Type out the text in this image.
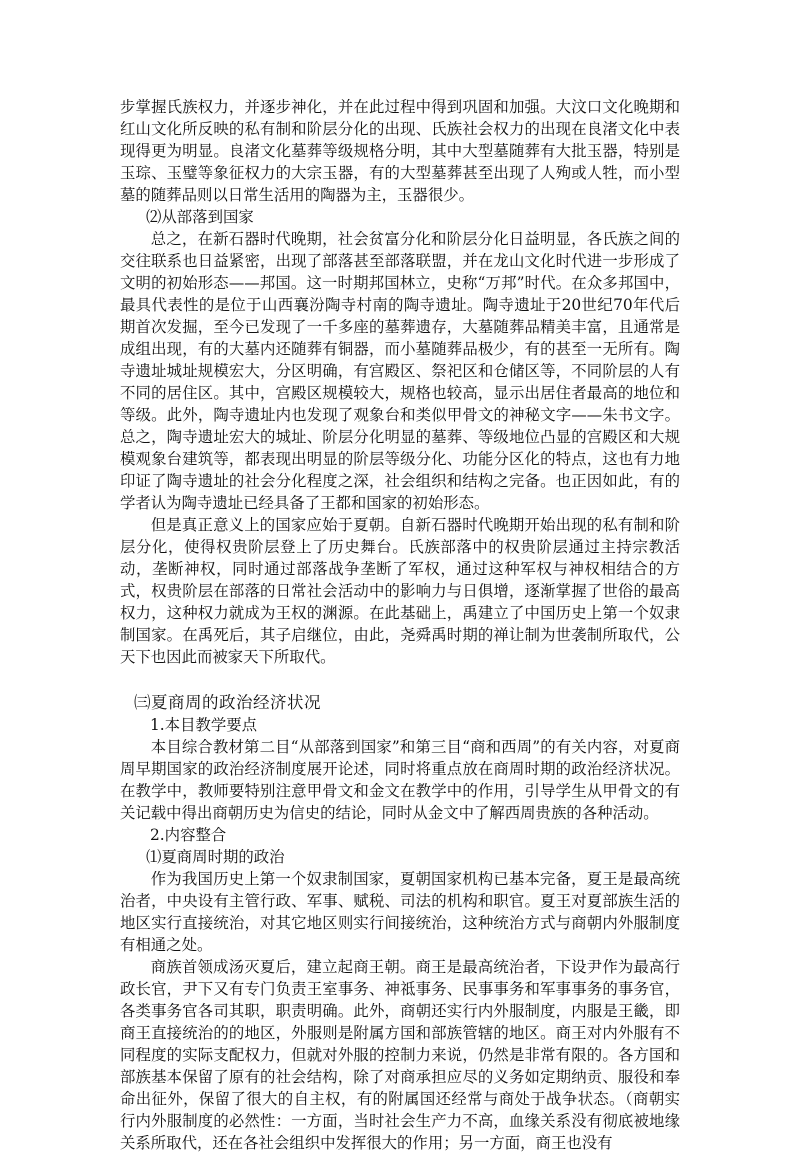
步掌握氏族权力，并逐步神化，并在此过程中得到巩固和加强。大汶口文化晚期和红山文化所反映的私有制和阶层分化的出现、氏族社会权力的出现在良渚文化中表现得更为明显。良渚文化墓葬等级规格分明，其中大型墓随葬有大批玉器，特别是玉琮、玉璧等象征权力的大宗玉器，有的大型墓葬甚至出现了人殉或人牲，而小型墓的随葬品则以日常生活用的陶器为主，玉器很少。

⑵从部落到国家

总之，在新石器时代晚期，社会贫富分化和阶层分化日益明显，各氏族之间的交往联系也日益紧密，出现了部落甚至部落联盟，并在龙山文化时代进一步形成了文明的初始形态——邦国。这一时期邦国林立，史称“万邦”时代。在众多邦国中，最具代表性的是位于山西襄汾陶寺村南的陶寺遗址。陶寺遗址于20世纪70年代后期首次发掘，至今已发现了一千多座的墓葬遗存，大墓随葬品精美丰富，且通常是成组出现，有的大墓内还随葬有铜器，而小墓随葬品极少，有的甚至一无所有。陶寺遗址城址规模宏大，分区明确，有宫殿区、祭祀区和仓储区等，不同阶层的人有不同的居住区。其中，宫殿区规模较大，规格也较高，显示出居住者最高的地位和等级。此外，陶寺遗址内也发现了观象台和类似甲骨文的神秘文字——朱书文字。总之，陶寺遗址宏大的城址、阶层分化明显的墓葬、等级地位凸显的宫殿区和大规模观象台建筑等，都表现出明显的阶层等级分化、功能分区化的特点，这也有力地印证了陶寺遗址的社会分化程度之深，社会组织和结构之完备。也正因如此，有的学者认为陶寺遗址已经具备了王都和国家的初始形态。

但是真正意义上的国家应始于夏朝。自新石器时代晚期开始出现的私有制和阶层分化，使得权贵阶层登上了历史舞台。氏族部落中的权贵阶层通过主持宗教活动，垄断神权，同时通过部落战争垄断了军权，通过这种军权与神权相结合的方式，权贵阶层在部落的日常社会活动中的影响力与日俱增，逐渐掌握了世俗的最高权力，这种权力就成为王权的渊源。在此基础上，禹建立了中国历史上第一个奴隶制国家。在禹死后，其子启继位，由此，尧舜禹时期的禅让制为世袭制所取代，公天下也因此而被家天下所取代。

㈢夏商周的政治经济状况

1.本目教学要点

本目综合教材第二目“从部落到国家”和第三目“商和西周”的有关内容，对夏商周早期国家的政治经济制度展开论述，同时将重点放在商周时期的政治经济状况。在教学中，教师要特别注意甲骨文和金文在教学中的作用，引导学生从甲骨文的有关记载中得出商朝历史为信史的结论，同时从金文中了解西周贵族的各种活动。

2.内容整合

⑴夏商周时期的政治

作为我国历史上第一个奴隶制国家，夏朝国家机构已基本完备，夏王是最高统治者，中央设有主管行政、军事、赋税、司法的机构和职官。夏王对夏部族生活的地区实行直接统治，对其它地区则实行间接统治，这种统治方式与商朝内外服制度有相通之处。

商族首领成汤灭夏后，建立起商王朝。商王是最高统治者，下设尹作为最高行政长官，尹下又有专门负责王室事务、神祗事务、民事事务和军事事务的事务官，各类事务官各司其职，职责明确。此外，商朝还实行内外服制度，内服是王畿，即商王直接统治的的地区，外服则是附属方国和部族管辖的地区。商王对内外服有不同程度的实际支配权力，但就对外服的控制力来说，仍然是非常有限的。各方国和部族基本保留了原有的社会结构，除了对商承担应尽的义务如定期纳贡、服役和奉命出征外，保留了很大的自主权，有的附属国还经常与商处于战争状态。（商朝实行内外服制度的必然性：一方面，当时社会生产力不高，血缘关系没有彻底被地缘关系所取代，还在各社会组织中发挥很大的作用；另一方面，商王也没有
